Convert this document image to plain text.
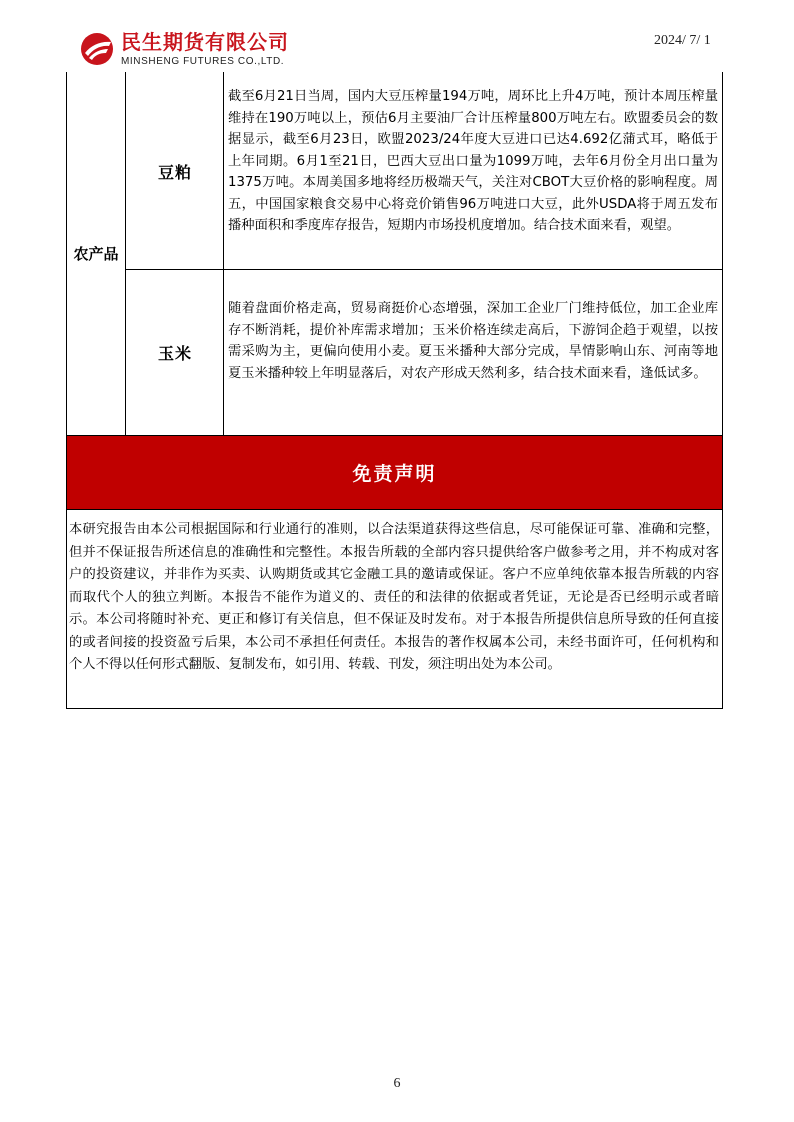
民生期货有限公司
MINSHENG FUTURES CO.,LTD.
2024/ 7/ 1
农产品
豆粕
截至6月21日当周，国内大豆压榨量194万吨，周环比上升4万吨，预计本周压榨量维持在190万吨以上，预估6月主要油厂合计压榨量800万吨左右。欧盟委员会的数据显示，截至6月23日，欧盟2023/24年度大豆进口已达4.692亿蒲式耳，略低于上年同期。6月1至21日，巴西大豆出口量为1099万吨，去年6月份全月出口量为1375万吨。本周美国多地将经历极端天气，关注对CBOT大豆价格的影响程度。周五，中国国家粮食交易中心将竞价销售96万吨进口大豆，此外USDA将于周五发布播种面积和季度库存报告，短期内市场投机度增加。结合技术面来看，观望。
玉米
随着盘面价格走高，贸易商挺价心态增强，深加工企业厂门维持低位，加工企业库存不断消耗，提价补库需求增加；玉米价格连续走高后，下游饲企趋于观望，以按需采购为主，更偏向使用小麦。夏玉米播种大部分完成，旱情影响山东、河南等地夏玉米播种较上年明显落后，对农产形成天然利多，结合技术面来看，逢低试多。
免责声明
本研究报告由本公司根据国际和行业通行的准则，以合法渠道获得这些信息，尽可能保证可靠、准确和完整，但并不保证报告所述信息的准确性和完整性。本报告所载的全部内容只提供给客户做参考之用，并不构成对客户的投资建议，并非作为买卖、认购期货或其它金融工具的邀请或保证。客户不应单纯依靠本报告所载的内容而取代个人的独立判断。本报告不能作为道义的、责任的和法律的依据或者凭证，无论是否已经明示或者暗示。本公司将随时补充、更正和修订有关信息，但不保证及时发布。对于本报告所提供信息所导致的任何直接的或者间接的投资盈亏后果，本公司不承担任何责任。本报告的著作权属本公司，未经书面许可，任何机构和个人不得以任何形式翻版、复制发布，如引用、转载、刊发，须注明出处为本公司。
6
